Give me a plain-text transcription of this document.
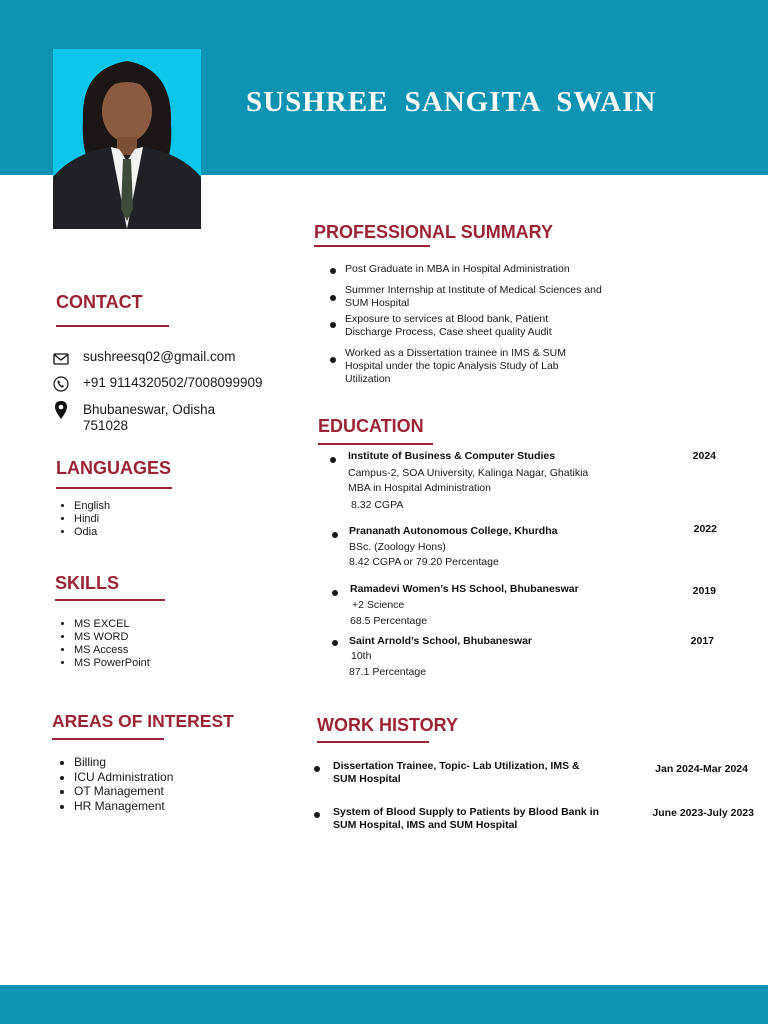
SUSHREE SANGITA SWAIN
CONTACT
sushreesq02@gmail.com
+91 9114320502/7008099909
Bhubaneswar, Odisha
751028
LANGUAGES
• English
• Hindi
• Odia
SKILLS
• MS EXCEL
• MS WORD
• MS Access
• MS PowerPoint
AREAS OF INTEREST
• Billing
• ICU Administration
• OT Management
• HR Management
PROFESSIONAL SUMMARY
Post Graduate in MBA in Hospital Administration
Summer Internship at Institute of Medical Sciences and SUM Hospital
Exposure to services at Blood bank, Patient Discharge Process, Case sheet quality Audit
Worked as a Dissertation trainee in IMS & SUM Hospital under the topic Analysis Study of Lab Utilization
EDUCATION
Institute of Business & Computer Studies	2024
Campus-2, SOA University, Kalinga Nagar, Ghatikia
MBA in Hospital Administration
8.32 CGPA
Prananath Autonomous College, Khurdha	2022
BSc. (Zoology Hons)
8.42 CGPA or 79.20 Percentage
Ramadevi Women’s HS School, Bhubaneswar	2019
+2 Science
68.5 Percentage
Saint Arnold’s School, Bhubaneswar	2017
10th
87.1 Percentage
WORK HISTORY
Dissertation Trainee, Topic- Lab Utilization, IMS & SUM Hospital
Jan 2024-Mar 2024
System of Blood Supply to Patients by Blood Bank in SUM Hospital, IMS and SUM Hospital
June 2023-July 2023
